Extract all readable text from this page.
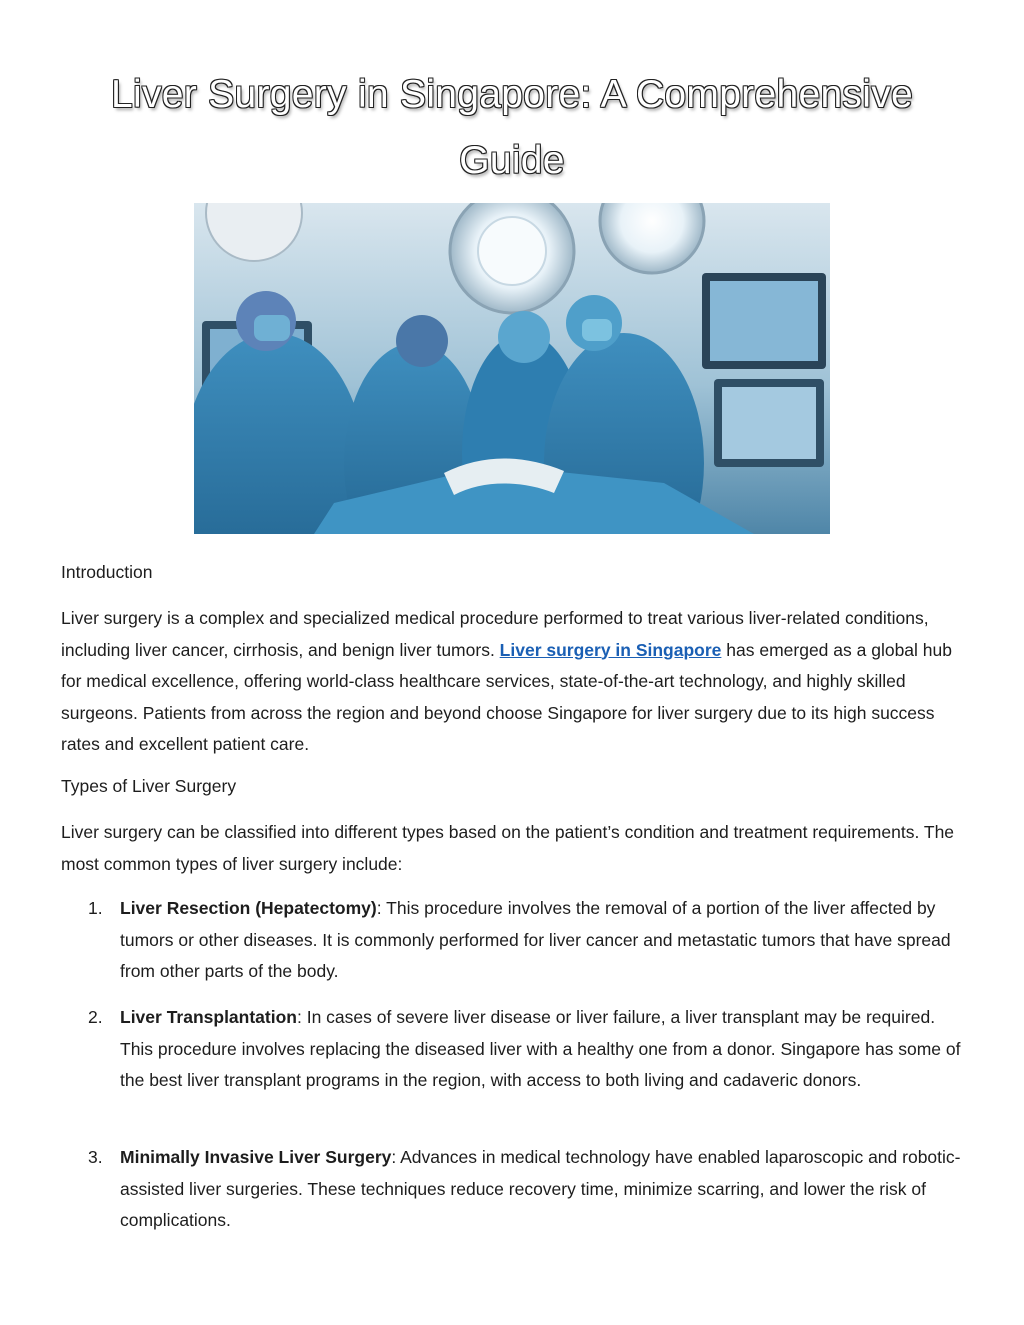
Liver Surgery in Singapore: A Comprehensive Guide
Introduction
Liver surgery is a complex and specialized medical procedure performed to treat various liver-related conditions, including liver cancer, cirrhosis, and benign liver tumors. Liver surgery in Singapore has emerged as a global hub for medical excellence, offering world-class healthcare services, state-of-the-art technology, and highly skilled surgeons. Patients from across the region and beyond choose Singapore for liver surgery due to its high success rates and excellent patient care.
Types of Liver Surgery
Liver surgery can be classified into different types based on the patient’s condition and treatment requirements. The most common types of liver surgery include:
1. Liver Resection (Hepatectomy): This procedure involves the removal of a portion of the liver affected by tumors or other diseases. It is commonly performed for liver cancer and metastatic tumors that have spread from other parts of the body.
2. Liver Transplantation: In cases of severe liver disease or liver failure, a liver transplant may be required. This procedure involves replacing the diseased liver with a healthy one from a donor. Singapore has some of the best liver transplant programs in the region, with access to both living and cadaveric donors.
3. Minimally Invasive Liver Surgery: Advances in medical technology have enabled laparoscopic and robotic-assisted liver surgeries. These techniques reduce recovery time, minimize scarring, and lower the risk of complications.
